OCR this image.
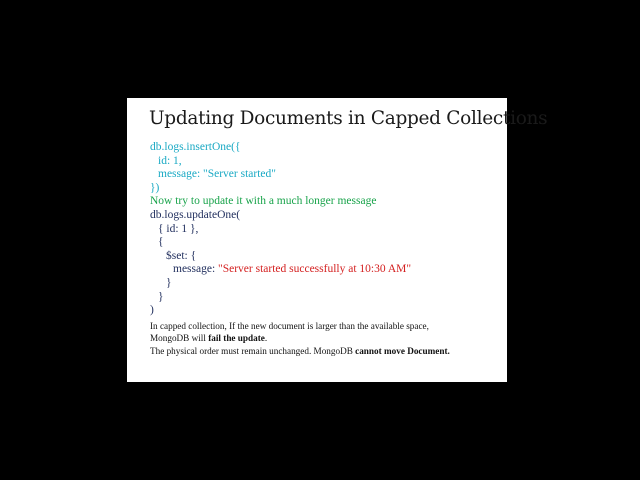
Updating Documents in Capped Collections
db.logs.insertOne({
id: 1,
message: "Server started"
})
Now try to update it with a much longer message
db.logs.updateOne(
{ id: 1 },
{
$set: {
message: "Server started successfully at 10:30 AM"
}
}
)
In capped collection, If the new document is larger than the available space,
MongoDB will fail the update.
The physical order must remain unchanged. MongoDB cannot move Document.
